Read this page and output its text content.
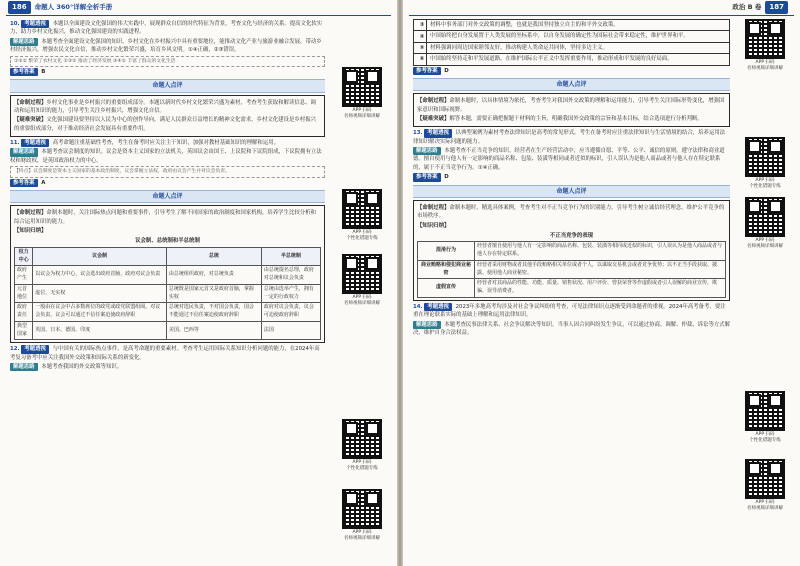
186	命题人 360°详解全析手册

10. 考题透视 本题以全面建设文化强国的伟大实践中，展现群众自信的时代特征为背景，考查文化与经济的关系。提高文化软实力，助力乡村文化振兴，推动文化强国建设的实践进程。

解题思路 本题考查全面建设文化强国的知识。乡村文化在乡村振兴中具有重要地位，能推动文化产业与旅游业融合发展，带动乡村经济振兴，增强农民文化自信，推动乡村文化繁荣兴盛，培育乡风文明。①④正确，②③错误。

①③② 繁荣了农村文化 ②③② 推动了经济发展 ③④② 丰富了群众的文化生活

参考答案 B

命题人点评

【命制过程】乡村文化事业是乡村振兴的重要组成部分。本题以新时代乡村文化繁荣兴盛为素材，考查考生获取和解读信息、调动和运用知识的能力，引导考生关注乡村振兴，增强文化自信。

【疑难突破】文化强国建设要坚持以人民为中心的创作导向，满足人民群众日益增长的精神文化需求。乡村文化建设是乡村振兴的重要组成部分，对于推动经济社会发展具有重要作用。

11. 考题透视 高考命题注重基础性考查，考生在备考时应关注主干知识，加强对教材基础知识的理解和运用。

解题思路 本题考查议会制度的知识。议会是资本主义国家的立法机关，英国议会由国王、上议院和下议院组成，下议院拥有立法权和财政权，是英国政治权力的中心。

【特点】议会制度是资本主义国家的基本政治制度，议会掌握立法权，政府由议会产生并对议会负责。

参考答案 A

命题人点评

【命制过程】命制本题时，关注国际热点问题和重要事件，引导考生了解不同国家的政治制度和国家机构，培养学生比较分析和综合运用知识的能力。

【知识归纳】

议会制、总统制和半总统制
权力中心	议会制	总统	半总统制
政府产生	以议会为权力中心，议会选出政府首脑，政府对议会负责	由总统组织政府，对总统负责	由总统提名总理，政府对总统和议会负责
元首地位	虚位，无实权	总统既是国家元首又是政府首脑，掌握实权	总统由选举产生，拥有一定的行政权力
政府责任	一般由在议会中占多数席位的政党或政党联盟组阁，对议会负责，议会可以通过不信任案迫使政府辞职	总统对选民负责，不对国会负责，国会不能通过不信任案迫使政府辞职	政府对议会负责，议会可迫使政府辞职
典型国家	英国、日本、德国、印度	美国、巴西等	法国

12. 考题透视 与中国有关的国际热点事件，是高考命题的重要素材。考查考生运用国际关系知识分析问题的能力，在2024年高考复习备考中应关注我国外交政策和国际关系的新变化。

解题思路 本题考查我国的外交政策等知识。

APP 扫码
名师视频详细讲解
APP 扫码
个性化错题专练
APP 扫码
名师视频详细讲解
APP 扫码
个性化错题专练
APP 扫码
名师视频详细讲解
政治 B 卷	187
③ 材料中事务部门对外交政策的调整，也就是我国坚持独立自主的和平外交政策。
④ 中国始终把自身发展置于人类发展的坐标系中，以自身发展的确定性为国际社会带来稳定性，维护世界和平。
⑤ 材料强调同周边国家睦邻友好，推动构建人类命运共同体，坚持多边主义。
⑥ 中国始终坚持走和平发展道路，在维护国际公平正义中发挥重要作用，推动形成和平发展的良好局面。

参考答案 D

命题人点评

【命制过程】命制本题时，以具体情境为依托，考查考生对我国外交政策的理解和运用能力，引导考生关注国际形势变化，增强国家意识和国际视野。

【疑难突破】解答本题，需要正确把握题干材料的主旨，明确我国外交政策的宗旨和基本目标，结合选项进行分析判断。

13. 考题透视 以典型案例为素材考查法律知识是高考的常见形式。考生在备考时应注重法律知识与生活情境的结合，培养运用法律知识解决实际问题的能力。

解题思路 本题考查不正当竞争的知识。经营者在生产经营活动中，应当遵循自愿、平等、公平、诚信的原则，遵守法律和商业道德。擅自使用与他人有一定影响的商品名称、包装、装潢等相同或者近似的标识，引人误认为是他人商品或者与他人存在特定联系的，属于不正当竞争行为。①④正确。

参考答案 D

命题人点评

【命制过程】命制本题时，精选具体案例，考查考生对不正当竞争行为的识别能力，引导考生树立诚信经营理念，维护公平竞争的市场秩序。

【知识归纳】

不正当竞争的表现
混淆行为	经营者擅自使用与他人有一定影响的商品名称、包装、装潢等相同或近似的标识，引人误认为是他人商品或者与他人存在特定联系。
商业贿赂和侵犯商业秘密	经营者采用财物或者其他手段贿赂相关单位或者个人，以谋取交易机会或者竞争优势；以不正当手段获取、披露、使用他人商业秘密。
虚假宣传	经营者对其商品的性能、功能、质量、销售状况、用户评价、曾获荣誉等作虚假或者引人误解的商业宣传，欺骗、误导消费者。

14. 考题透视 2023年多地高考均涉及对社会争议纠纷的考查，可见法律知识点逐渐受到命题者的重视。2024年高考备考，要注重在理论联系实际的基础上理解和运用法律知识。

解题思路 本题考查民事法律关系、社会争议解决等知识。当事人因合同纠纷发生争议，可以通过协商、调解、仲裁、诉讼等方式解决，维护自身合法权益。

APP 扫码
名师视频详细讲解
APP 扫码
个性化错题专练
APP 扫码
名师视频详细讲解
APP 扫码
个性化错题专练
APP 扫码
名师视频详细讲解
